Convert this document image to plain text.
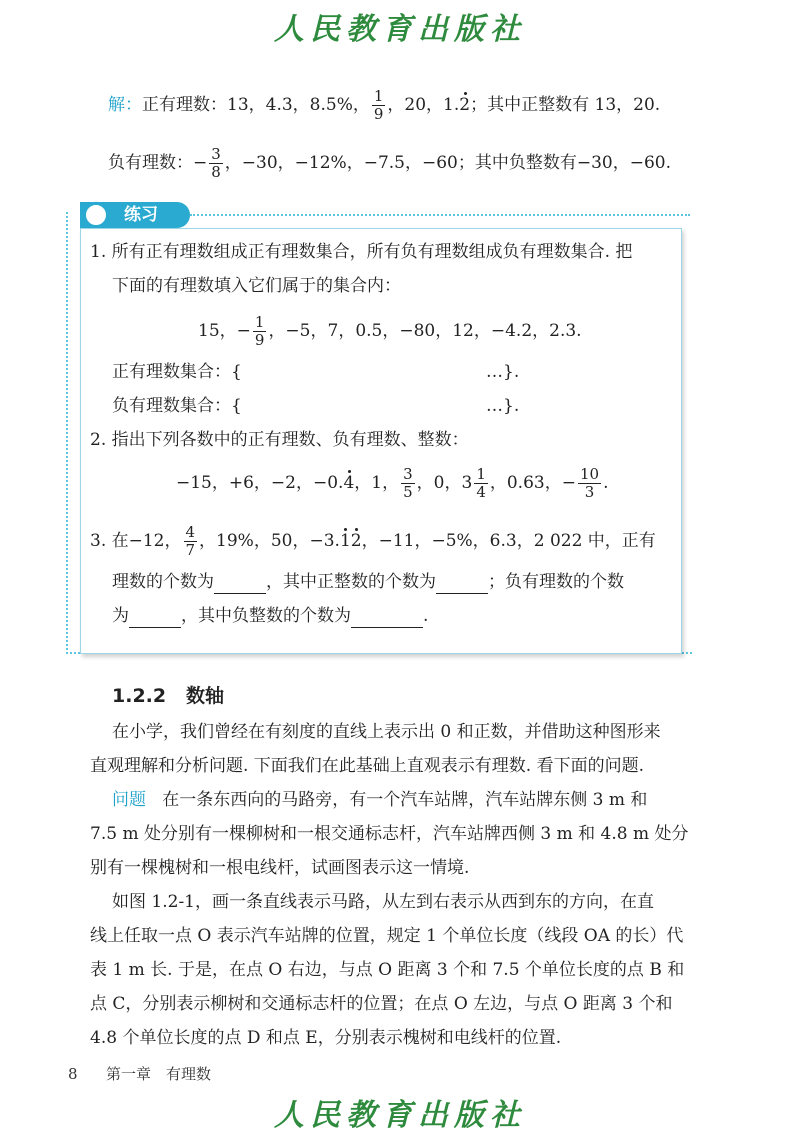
人民教育出版社
解：正有理数：13，4.3，8.5%， $\frac{1}{9}$ ，20，1.2；其中正整数有 13，20.
负有理数：− $\frac{3}{8}$ ，−30，−12%，−7.5，−60；其中负整数有−30，−60.
练习
1. 所有正有理数组成正有理数集合，所有负有理数组成负有理数集合. 把
下面的有理数填入它们属于的集合内：
15，− $\frac{1}{9}$ ，−5，7，0.5，−80，12，−4.2，2.3.
正有理数集合：{	…}.
负有理数集合：{	…}.
2. 指出下列各数中的正有理数、负有理数、整数：
−15，+6，−2，−0.4，1， $\frac{3}{5}$ ，0，$3 \frac{1}{4}$ ，0.63，− $\frac{10}{3}$ .
3. 在−12， $\frac{4}{7}$ ，19%，50，−3.12，−11，−5%，6.3，2 022 中，正有
理数的个数为	，其中正整数的个数为	；负有理数的个数
为	，其中负整数的个数为	.
1.2.2 数轴
在小学，我们曾经在有刻度的直线上表示出 0 和正数，并借助这种图形来
直观理解和分析问题. 下面我们在此基础上直观表示有理数. 看下面的问题.
问题 在一条东西向的马路旁，有一个汽车站牌，汽车站牌东侧 3 m 和
7.5 m 处分别有一棵柳树和一根交通标志杆，汽车站牌西侧 3 m 和 4.8 m 处分
别有一棵槐树和一根电线杆，试画图表示这一情境.
如图 1.2-1，画一条直线表示马路，从左到右表示从西到东的方向，在直
线上任取一点 O 表示汽车站牌的位置，规定 1 个单位长度（线段 OA 的长）代
表 1 m 长. 于是，在点 O 右边，与点 O 距离 3 个和 7.5 个单位长度的点 B 和
点 C，分别表示柳树和交通标志杆的位置；在点 O 左边，与点 O 距离 3 个和
4.8 个单位长度的点 D 和点 E，分别表示槐树和电线杆的位置.
8 第一章　有理数
人民教育出版社
